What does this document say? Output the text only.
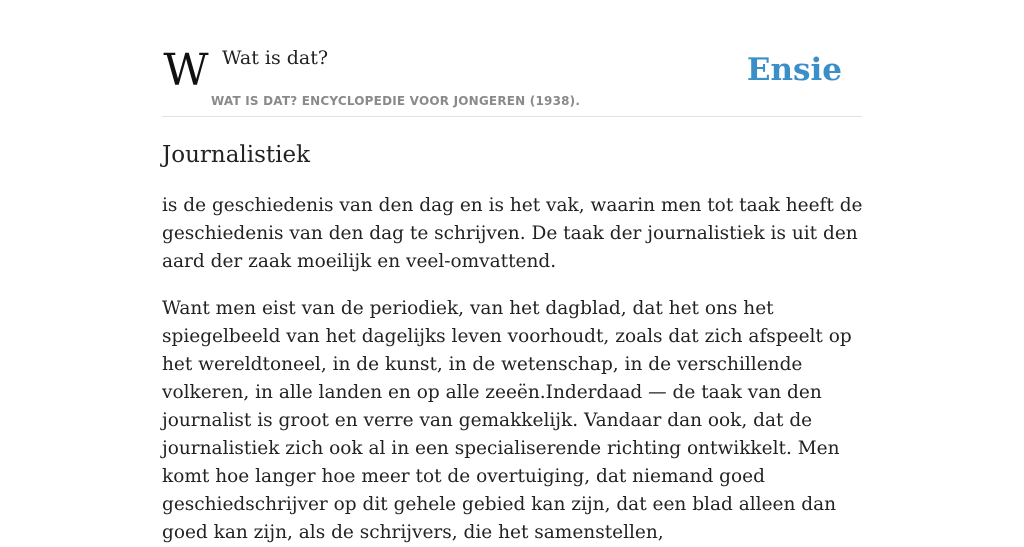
W Wat is dat?
WAT IS DAT? ENCYCLOPEDIE VOOR JONGEREN (1938).
Ensie
Journalistiek

is de geschiedenis van den dag en is het vak, waarin men tot taak heeft de geschiedenis van den dag te schrijven. De taak der journalistiek is uit den aard der zaak moeilijk en veel-omvattend.

Want men eist van de periodiek, van het dagblad, dat het ons het spiegelbeeld van het dagelijks leven voorhoudt, zoals dat zich afspeelt op het wereldtoneel, in de kunst, in de wetenschap, in de verschillende volkeren, in alle landen en op alle zeeën.Inderdaad — de taak van den journalist is groot en verre van gemakkelijk. Vandaar dan ook, dat de journalistiek zich ook al in een specialiserende richting ontwikkelt. Men komt hoe langer hoe meer tot de overtuiging, dat niemand goed geschiedschrijver op dit gehele gebied kan zijn, dat een blad alleen dan goed kan zijn, als de schrijvers, die het samenstellen,
